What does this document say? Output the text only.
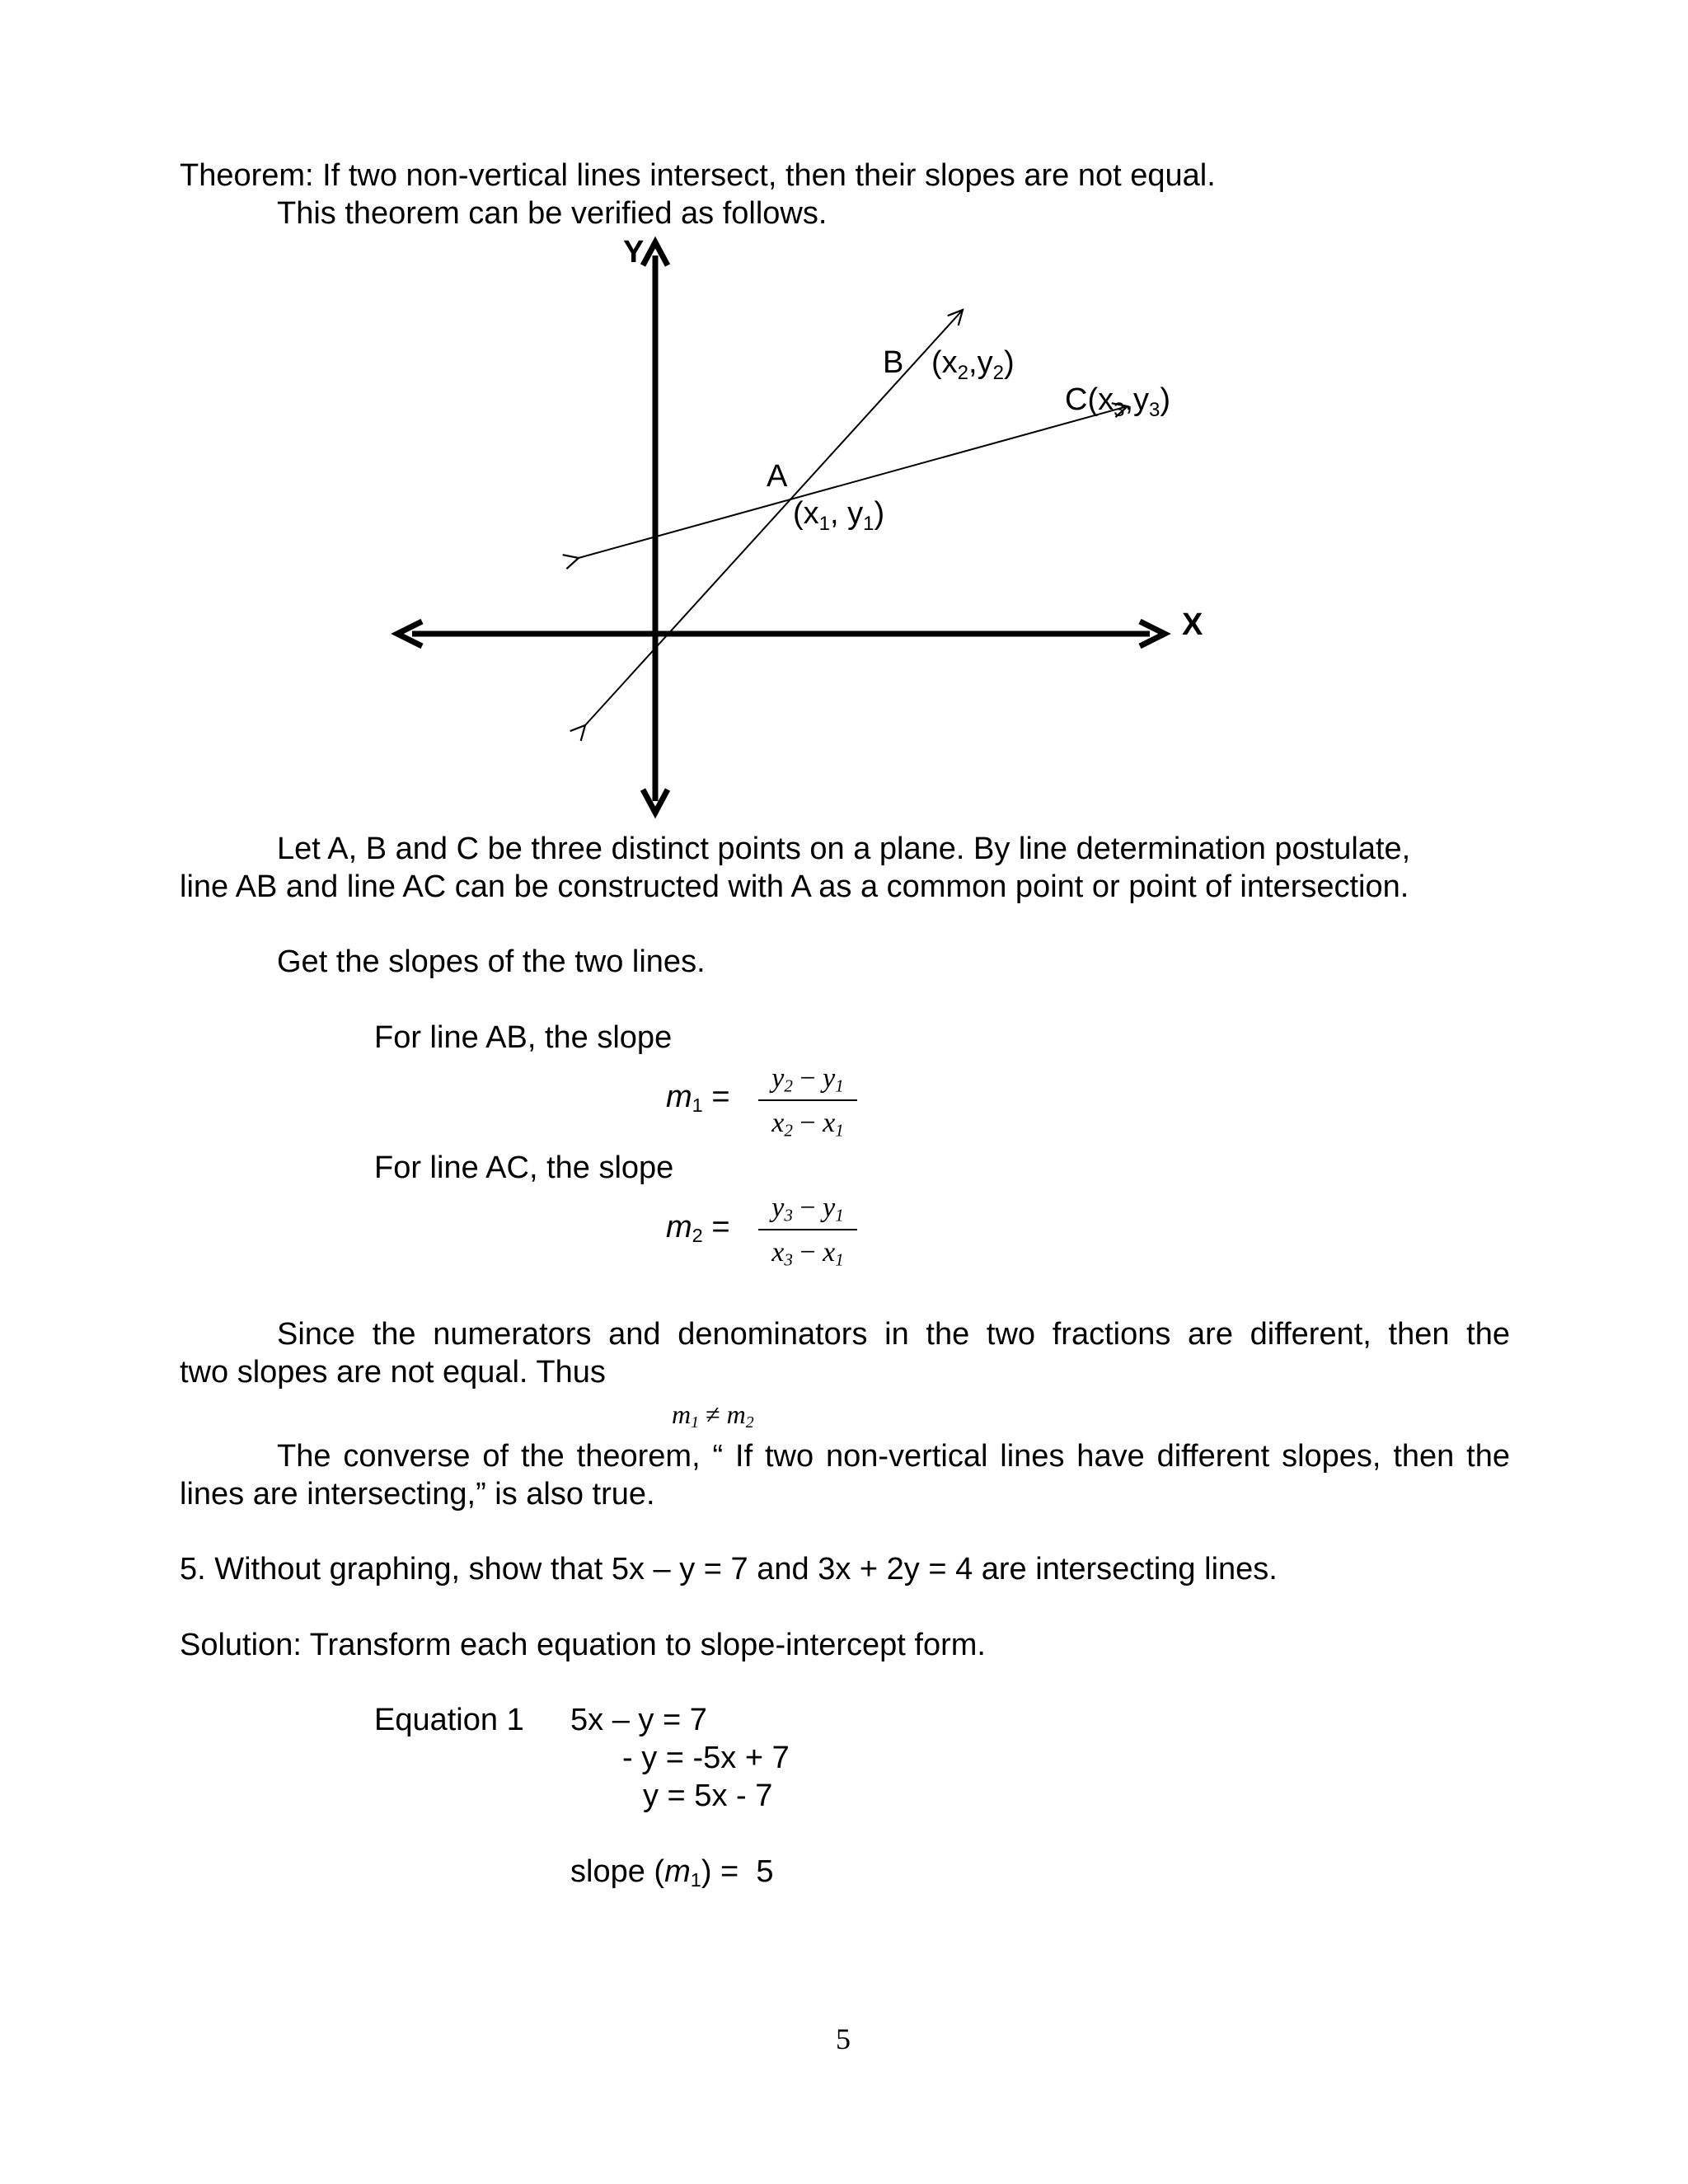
Theorem: If two non-vertical lines intersect, then their slopes are not equal.
This theorem can be verified as follows.
Y
X
A
($x_1$, $y_1$)
B $(x_2,y_2)$
$C(x_3,y_3)$
Let A, B and C be three distinct points on a plane. By line determination postulate,
line AB and line AC can be constructed with A as a common point or point of intersection.
Get the slopes of the two lines.
For line AB, the slope
$m_1$ =
$y_2 - y_1$
$x_2 - x_1$
For line AC, the slope
$m_2$ =
$y_3 - y_1$
$x_3 - x_1$
Since the numerators and denominators in the two fractions are different, then the
two slopes are not equal. Thus
$m_1 \ne m_2$
The converse of the theorem, “ If two non-vertical lines have different slopes, then the
lines are intersecting,” is also true.
5. Without graphing, show that 5x – y = 7 and 3x + 2y = 4 are intersecting lines.
Solution: Transform each equation to slope-intercept form.
Equation 1 5x – y = 7
- y = -5x + 7
y = 5x - 7
slope $(m_1) = 5$
5
